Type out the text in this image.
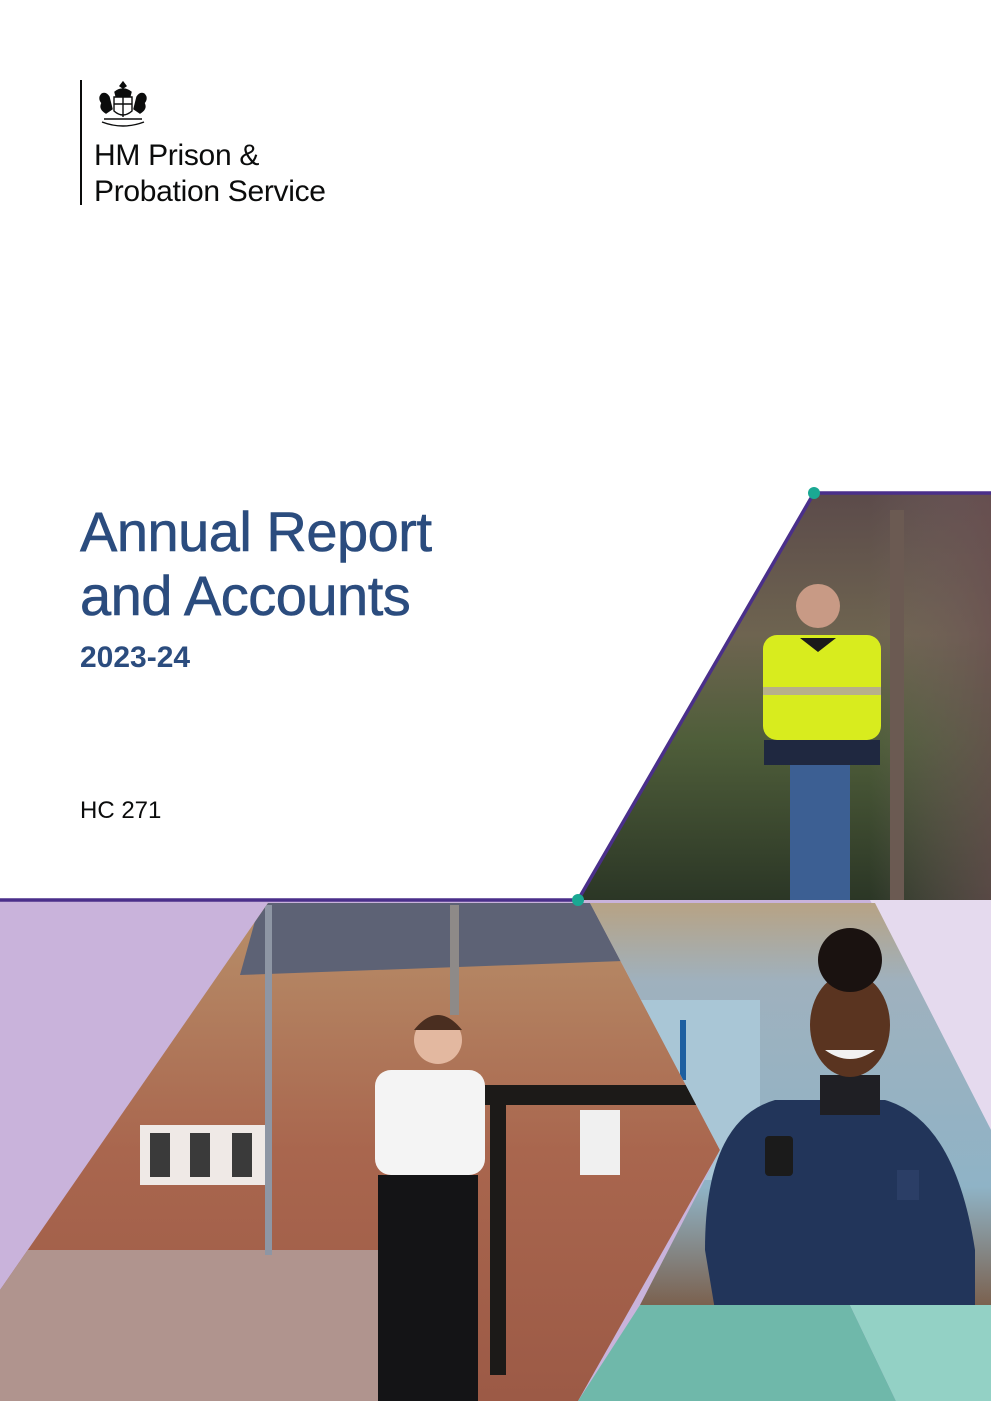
HM Prison &
Probation Service
Annual Report
and Accounts
2023-24
HC 271
